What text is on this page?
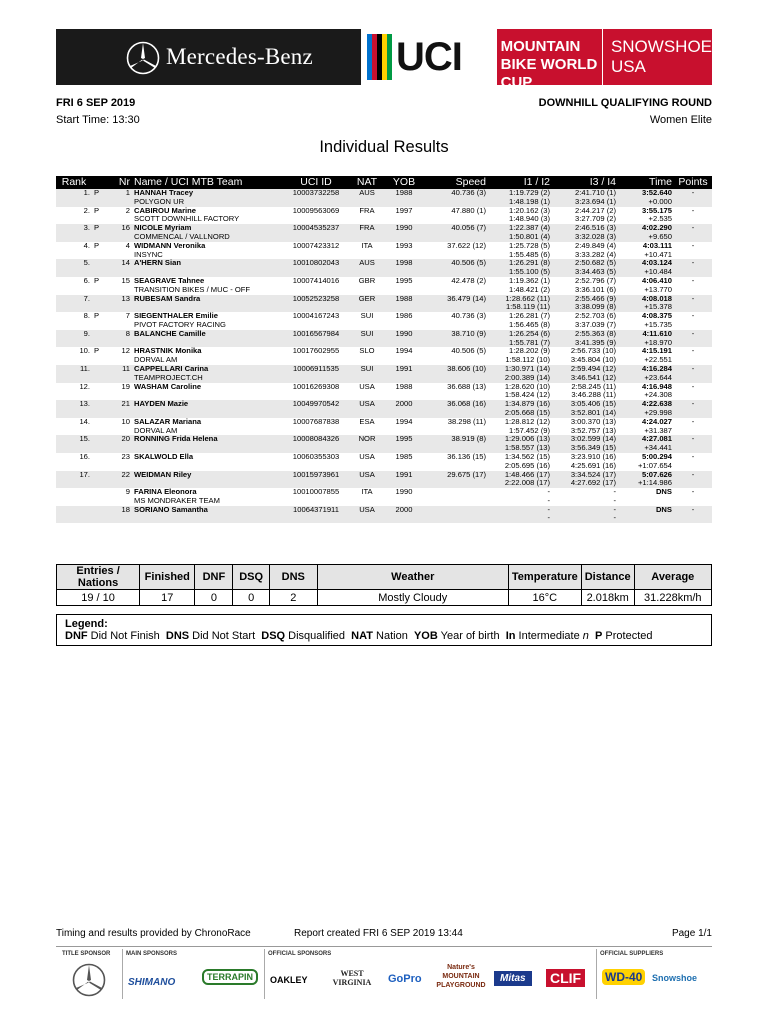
Mercedes-Benz UCI	MOUNTAIN BIKE WORLD CUP
SNOWSHOE USA
FRI 6 SEP 2019
Start Time: 13:30
DOWNHILL QUALIFYING ROUND
Women Elite
Individual Results
Rank		Nr	Name / UCI MTB Team	UCI ID	NAT	YOB	Speed	I1 / I2	I3 / I4	Time	Points
1.	P	1	HANNAH Tracey	10003732258	AUS	1988	40.736 (3)	1:19.729 (2)	2:41.710 (1)	3:52.640	-
			POLYGON UR					1:48.198 (1)	3:23.694 (1)	+0.000	
2.	P	2	CABIROU Marine	10009563069	FRA	1997	47.880 (1)	1:20.162 (3)	2:44.217 (2)	3:55.175	-
			SCOTT DOWNHILL FACTORY					1:48.940 (3)	3:27.709 (2)	+2.535	
3.	P	16	NICOLE Myriam	10004535237	FRA	1990	40.056 (7)	1:22.387 (4)	2:46.516 (3)	4:02.290	-
			COMMENCAL / VALLNORD					1:50.801 (4)	3:32.028 (3)	+9.650	
4.	P	4	WIDMANN Veronika	10007423312	ITA	1993	37.622 (12)	1:25.728 (5)	2:49.849 (4)	4:03.111	-
			INSYNC					1:55.485 (6)	3:33.282 (4)	+10.471	
5.		14	A'HERN Sian	10010802043	AUS	1998	40.506 (5)	1:26.291 (8)	2:50.682 (5)	4:03.124	-
								1:55.100 (5)	3:34.463 (5)	+10.484	
6.	P	15	SEAGRAVE Tahnee	10007414016	GBR	1995	42.478 (2)	1:19.362 (1)	2:52.796 (7)	4:06.410	-
			TRANSITION BIKES / MUC - OFF					1:48.421 (2)	3:36.101 (6)	+13.770	
7.		13	RUBESAM Sandra	10052523258	GER	1988	36.479 (14)	1:28.662 (11)	2:55.466 (9)	4:08.018	-
								1:58.119 (11)	3:38.099 (8)	+15.378	
8.	P	7	SIEGENTHALER Emilie	10004167243	SUI	1986	40.736 (3)	1:26.281 (7)	2:52.703 (6)	4:08.375	-
			PIVOT FACTORY RACING					1:56.465 (8)	3:37.039 (7)	+15.735	
9.		8	BALANCHE Camille	10016567984	SUI	1990	38.710 (9)	1:26.254 (6)	2:55.363 (8)	4:11.610	-
								1:55.781 (7)	3:41.395 (9)	+18.970	
10.	P	12	HRASTNIK Monika	10017602955	SLO	1994	40.506 (5)	1:28.202 (9)	2:56.733 (10)	4:15.191	-
			DORVAL AM					1:58.112 (10)	3:45.804 (10)	+22.551	
11.		11	CAPPELLARI Carina	10006911535	SUI	1991	38.606 (10)	1:30.971 (14)	2:59.494 (12)	4:16.284	-
			TEAMPROJECT.CH					2:00.389 (14)	3:46.541 (12)	+23.644	
12.		19	WASHAM Caroline	10016269308	USA	1988	36.688 (13)	1:28.620 (10)	2:58.245 (11)	4:16.948	-
								1:58.424 (12)	3:46.288 (11)	+24.308	
13.		21	HAYDEN Mazie	10049970542	USA	2000	36.068 (16)	1:34.879 (16)	3:05.406 (15)	4:22.638	-
								2:05.668 (15)	3:52.801 (14)	+29.998	
14.		10	SALAZAR Mariana	10007687838	ESA	1994	38.298 (11)	1:28.812 (12)	3:00.370 (13)	4:24.027	-
			DORVAL AM					1:57.452 (9)	3:52.757 (13)	+31.387	
15.		20	RONNING Frida Helena	10008084326	NOR	1995	38.919 (8)	1:29.006 (13)	3:02.599 (14)	4:27.081	-
								1:58.557 (13)	3:56.349 (15)	+34.441	
16.		23	SKALWOLD Ella	10060355303	USA	1985	36.136 (15)	1:34.562 (15)	3:23.910 (16)	5:00.294	-
								2:05.695 (16)	4:25.691 (16)	+1:07.654	
17.		22	WEIDMAN Riley	10015973961	USA	1991	29.675 (17)	1:48.466 (17)	3:34.524 (17)	5:07.626	-
								2:22.008 (17)	4:27.692 (17)	+1:14.986	
		9	FARINA Eleonora	10010007855	ITA	1990		-	-	DNS	-
			MS MONDRAKER TEAM					-	-		
		18	SORIANO Samantha	10064371911	USA	2000		-	-	DNS	-
								-	-		
Entries / Nations	Finished	DNF	DSQ	DNS	Weather	Temperature	Distance	Average
19 / 10	17	0	0	2	Mostly Cloudy	16°C	2.018km	31.228km/h
Legend:
DNF Did Not Finish DNS Did Not Start DSQ Disqualified NAT Nation YOB Year of birth In Intermediate n P Protected
Timing and results provided by ChronoRace	Report created FRI 6 SEP 2019 13:44	Page 1/1
TITLE SPONSOR	MAIN SPONSORS	OFFICIAL SPONSORS	OFFICIAL SUPPLIERS
SHIMANO	TERRAPIN	OAKLEY
WEST VIRGINIA	GoPro
Nature's MOUNTAIN PLAYGROUND
Mitas	CLIF	WD-40	Snowshoe
